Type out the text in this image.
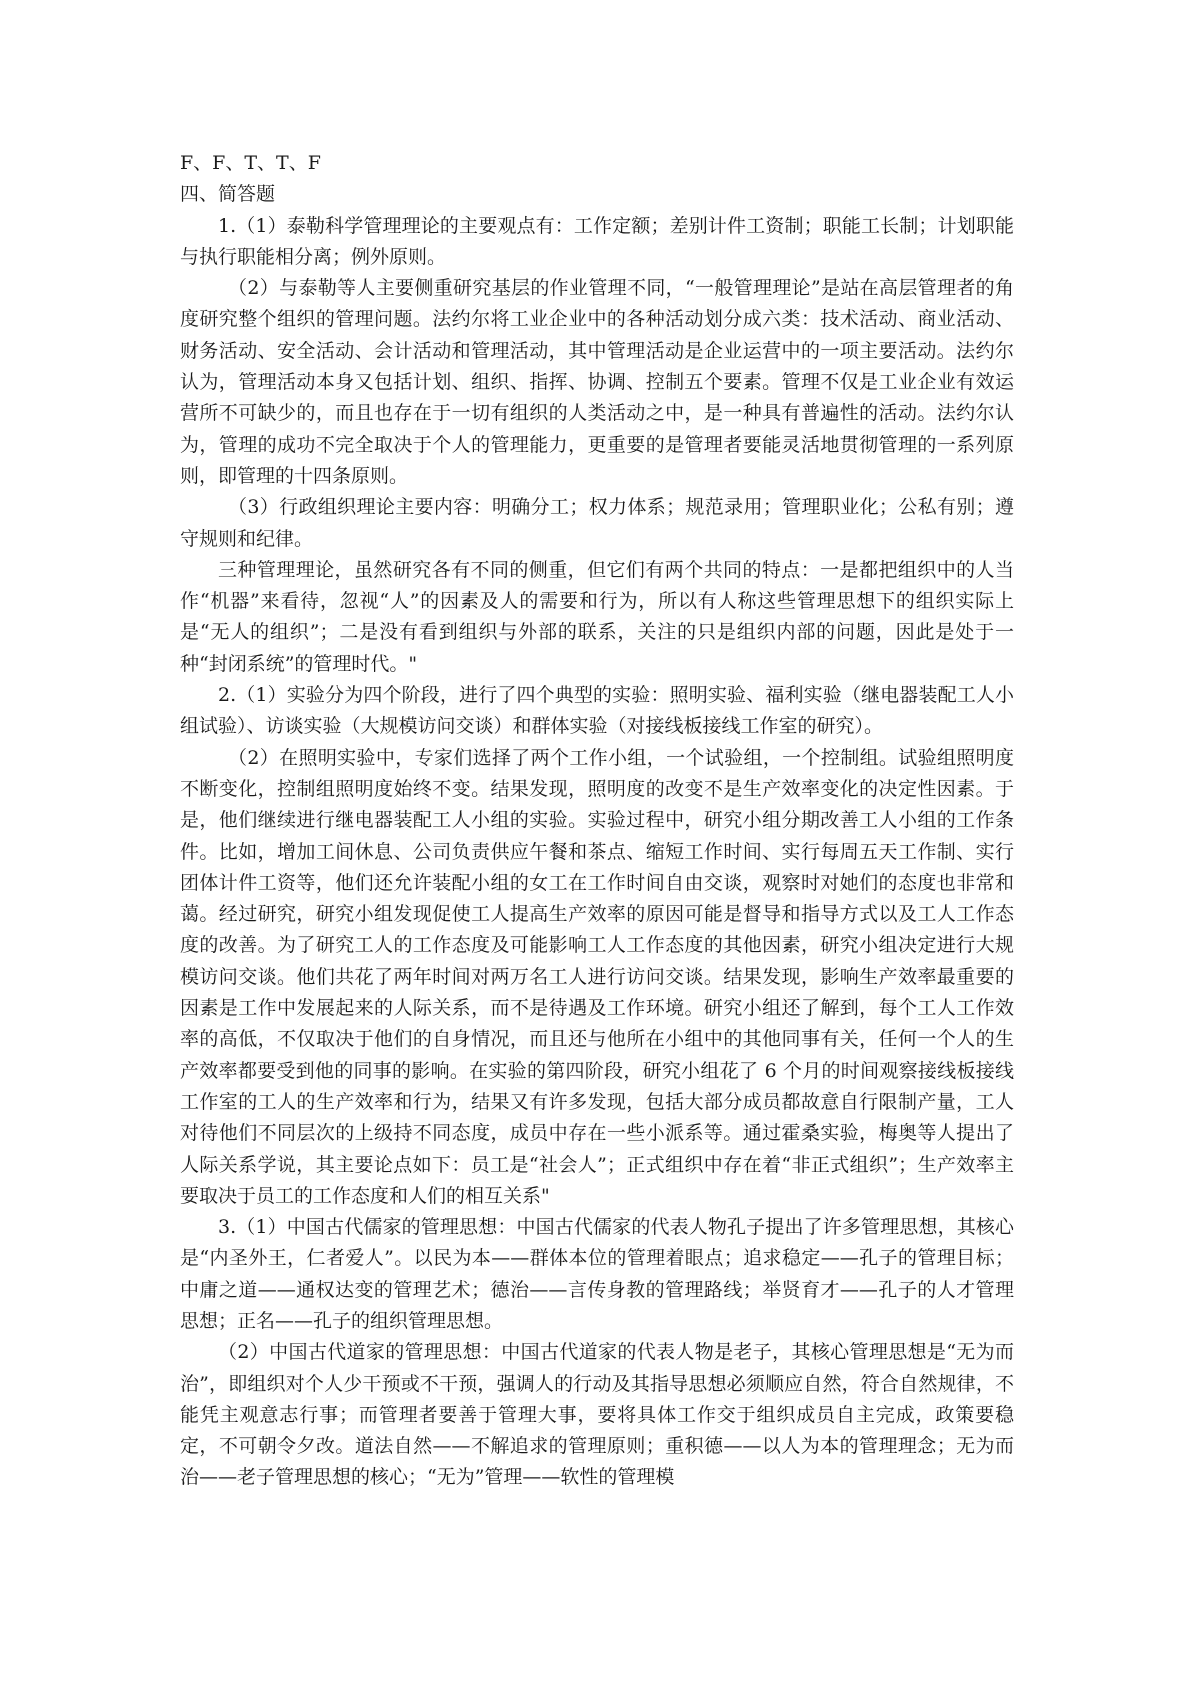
F、F、T、T、F

四、简答题

1.（1）泰勒科学管理理论的主要观点有：工作定额；差别计件工资制；职能工长制；计划职能与执行职能相分离；例外原则。

（2）与泰勒等人主要侧重研究基层的作业管理不同，“一般管理理论”是站在高层管理者的角度研究整个组织的管理问题。法约尔将工业企业中的各种活动划分成六类：技术活动、商业活动、财务活动、安全活动、会计活动和管理活动，其中管理活动是企业运营中的一项主要活动。法约尔认为，管理活动本身又包括计划、组织、指挥、协调、控制五个要素。管理不仅是工业企业有效运营所不可缺少的，而且也存在于一切有组织的人类活动之中，是一种具有普遍性的活动。法约尔认为，管理的成功不完全取决于个人的管理能力，更重要的是管理者要能灵活地贯彻管理的一系列原则，即管理的十四条原则。

（3）行政组织理论主要内容：明确分工；权力体系；规范录用；管理职业化；公私有别；遵守规则和纪律。

三种管理理论，虽然研究各有不同的侧重，但它们有两个共同的特点：一是都把组织中的人当作“机器”来看待，忽视“人”的因素及人的需要和行为，所以有人称这些管理思想下的组织实际上是“无人的组织”；二是没有看到组织与外部的联系，关注的只是组织内部的问题，因此是处于一种“封闭系统”的管理时代。"

2.（1）实验分为四个阶段，进行了四个典型的实验：照明实验、福利实验（继电器装配工人小组试验）、访谈实验（大规模访问交谈）和群体实验（对接线板接线工作室的研究）。

（2）在照明实验中，专家们选择了两个工作小组，一个试验组，一个控制组。试验组照明度不断变化，控制组照明度始终不变。结果发现，照明度的改变不是生产效率变化的决定性因素。于是，他们继续进行继电器装配工人小组的实验。实验过程中，研究小组分期改善工人小组的工作条件。比如，增加工间休息、公司负责供应午餐和茶点、缩短工作时间、实行每周五天工作制、实行团体计件工资等，他们还允许装配小组的女工在工作时间自由交谈，观察时对她们的态度也非常和蔼。经过研究，研究小组发现促使工人提高生产效率的原因可能是督导和指导方式以及工人工作态度的改善。为了研究工人的工作态度及可能影响工人工作态度的其他因素，研究小组决定进行大规模访问交谈。他们共花了两年时间对两万名工人进行访问交谈。结果发现，影响生产效率最重要的因素是工作中发展起来的人际关系，而不是待遇及工作环境。研究小组还了解到，每个工人工作效率的高低，不仅取决于他们的自身情况，而且还与他所在小组中的其他同事有关，任何一个人的生产效率都要受到他的同事的影响。在实验的第四阶段，研究小组花了 6 个月的时间观察接线板接线工作室的工人的生产效率和行为，结果又有许多发现，包括大部分成员都故意自行限制产量，工人对待他们不同层次的上级持不同态度，成员中存在一些小派系等。通过霍桑实验，梅奥等人提出了人际关系学说，其主要论点如下：员工是“社会人”；正式组织中存在着“非正式组织”；生产效率主要取决于员工的工作态度和人们的相互关系"

3.（1）中国古代儒家的管理思想：中国古代儒家的代表人物孔子提出了许多管理思想，其核心是“内圣外王，仁者爱人”。以民为本——群体本位的管理着眼点；追求稳定——孔子的管理目标；中庸之道——通权达变的管理艺术；德治——言传身教的管理路线；举贤育才——孔子的人才管理思想；正名——孔子的组织管理思想。

（2）中国古代道家的管理思想：中国古代道家的代表人物是老子，其核心管理思想是“无为而治”，即组织对个人少干预或不干预，强调人的行动及其指导思想必须顺应自然，符合自然规律，不能凭主观意志行事；而管理者要善于管理大事，要将具体工作交于组织成员自主完成，政策要稳定，不可朝令夕改。道法自然——不解追求的管理原则；重积德——以人为本的管理理念；无为而治——老子管理思想的核心；“无为”管理——软性的管理模
